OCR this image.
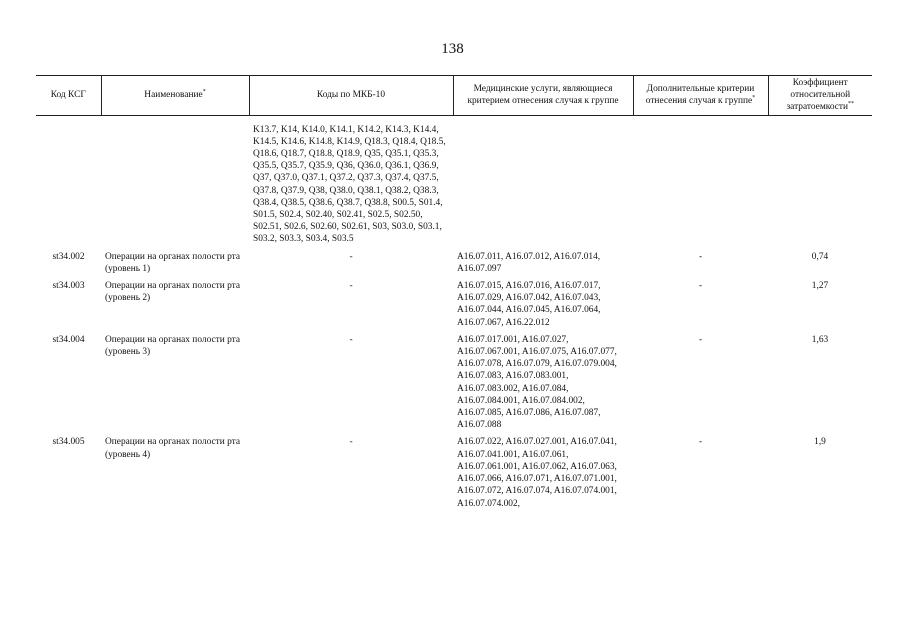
138
Код КСГ	Наименование*	Коды по МКБ-10	Медицинские услуги, являющиеся критерием отнесения случая к группе	Дополнительные критерии отнесения случая к группе*	Коэффициент относительной затратоемкости**

		K13.7, K14, K14.0, K14.1, K14.2, K14.3, K14.4, K14.5, K14.6, K14.8, K14.9, Q18.3, Q18.4, Q18.5, Q18.6, Q18.7, Q18.8, Q18.9, Q35, Q35.1, Q35.3, Q35.5, Q35.7, Q35.9, Q36, Q36.0, Q36.1, Q36.9, Q37, Q37.0, Q37.1, Q37.2, Q37.3, Q37.4, Q37.5, Q37.8, Q37.9, Q38, Q38.0, Q38.1, Q38.2, Q38.3, Q38.4, Q38.5, Q38.6, Q38.7, Q38.8, S00.5, S01.4, S01.5, S02.4, S02.40, S02.41, S02.5, S02.50, S02.51, S02.6, S02.60, S02.61, S03, S03.0, S03.1, S03.2, S03.3, S03.4, S03.5			
st34.002	Операции на органах полости рта (уровень 1)	-	A16.07.011, A16.07.012, A16.07.014, A16.07.097	-	0,74
st34.003	Операции на органах полости рта (уровень 2)	-	A16.07.015, A16.07.016, A16.07.017, A16.07.029, A16.07.042, A16.07.043, A16.07.044, A16.07.045, A16.07.064, A16.07.067, A16.22.012	-	1,27
st34.004	Операции на органах полости рта (уровень 3)	-	A16.07.017.001, A16.07.027, A16.07.067.001, A16.07.075, A16.07.077, A16.07.078, A16.07.079, A16.07.079.004, A16.07.083, A16.07.083.001, A16.07.083.002, A16.07.084, A16.07.084.001, A16.07.084.002, A16.07.085, A16.07.086, A16.07.087, A16.07.088	-	1,63
st34.005	Операции на органах полости рта (уровень 4)	-	A16.07.022, A16.07.027.001, A16.07.041, A16.07.041.001, A16.07.061, A16.07.061.001, A16.07.062, A16.07.063, A16.07.066, A16.07.071, A16.07.071.001, A16.07.072, A16.07.074, A16.07.074.001, A16.07.074.002,	-	1,9
